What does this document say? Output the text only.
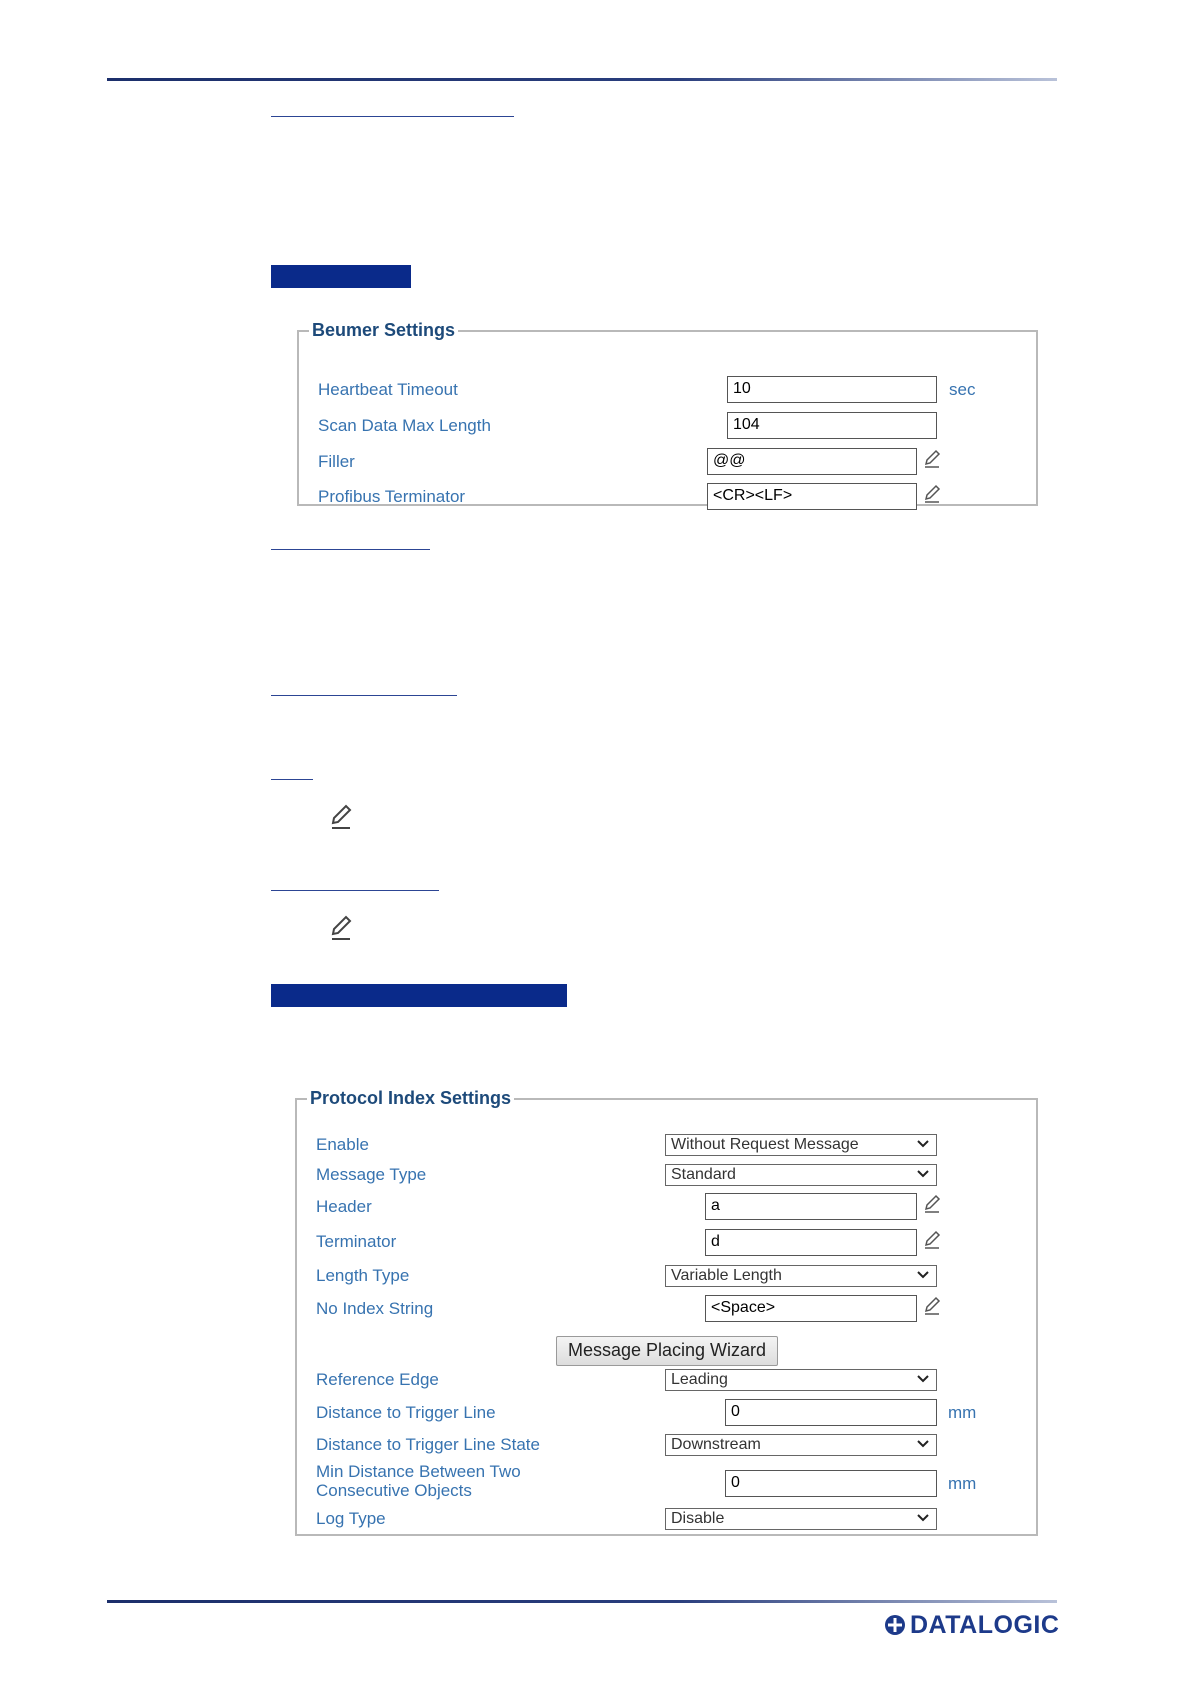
Beumer Settings
Heartbeat Timeout	10	sec
Scan Data Max Length	104
Filler	@@
Profibus Terminator	<CR><LF>
Protocol Index Settings
Enable	Without Request Message
Message Type	Standard
Header	a
Terminator	d
Length Type	Variable Length
No Index String	<Space>
Message Placing Wizard
Reference Edge	Leading
Distance to Trigger Line	0	mm
Distance to Trigger Line State	Downstream
Min Distance Between Two Consecutive Objects	0	mm
Log Type	Disable
DATALOGIC
